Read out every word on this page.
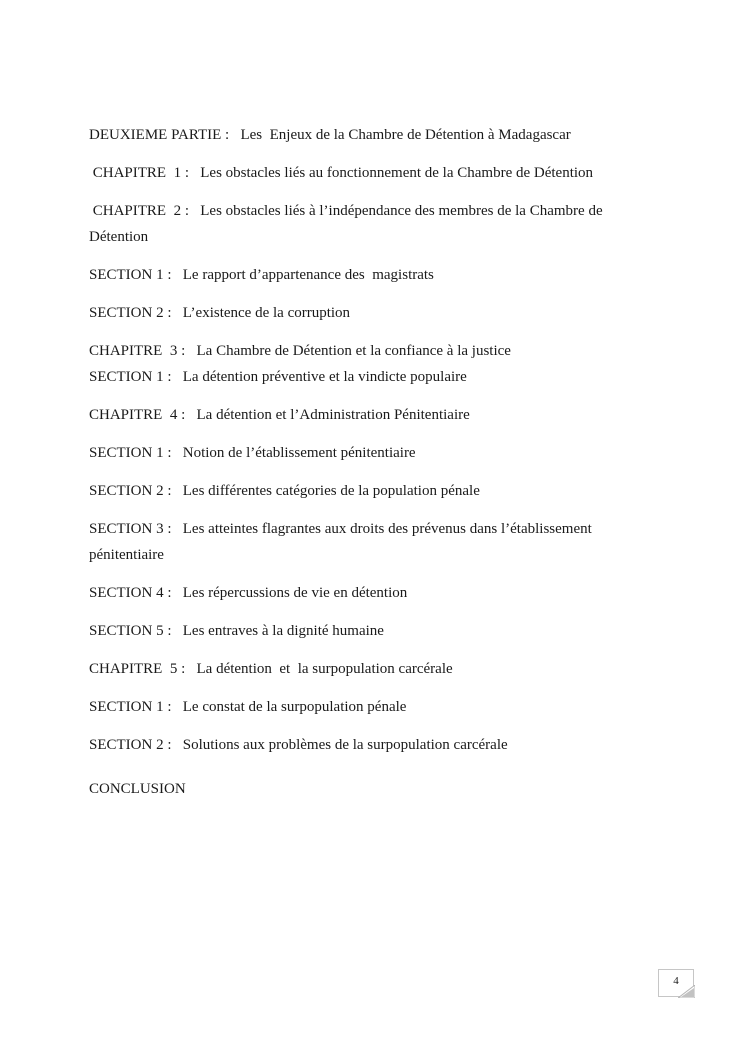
DEUXIEME PARTIE :   Les  Enjeux de la Chambre de Détention à Madagascar

CHAPITRE  1 :   Les obstacles liés au fonctionnement de la Chambre de Détention

CHAPITRE  2 :   Les obstacles liés à l’indépendance des membres de la Chambre de Détention

SECTION 1 :   Le rapport d’appartenance des  magistrats

SECTION 2 :   L’existence de la corruption

CHAPITRE  3 :   La Chambre de Détention et la confiance à la justice

SECTION 1 :   La détention préventive et la vindicte populaire

CHAPITRE  4 :   La détention et l’Administration Pénitentiaire

SECTION 1 :   Notion de l’établissement pénitentiaire

SECTION 2 :   Les différentes catégories de la population pénale

SECTION 3 :   Les atteintes flagrantes aux droits des prévenus dans l’établissement pénitentiaire

SECTION 4 :   Les répercussions de vie en détention

SECTION 5 :   Les entraves à la dignité humaine

CHAPITRE  5 :   La détention  et  la surpopulation carcérale

SECTION 1 :   Le constat de la surpopulation pénale

SECTION 2 :   Solutions aux problèmes de la surpopulation carcérale

CONCLUSION

4
